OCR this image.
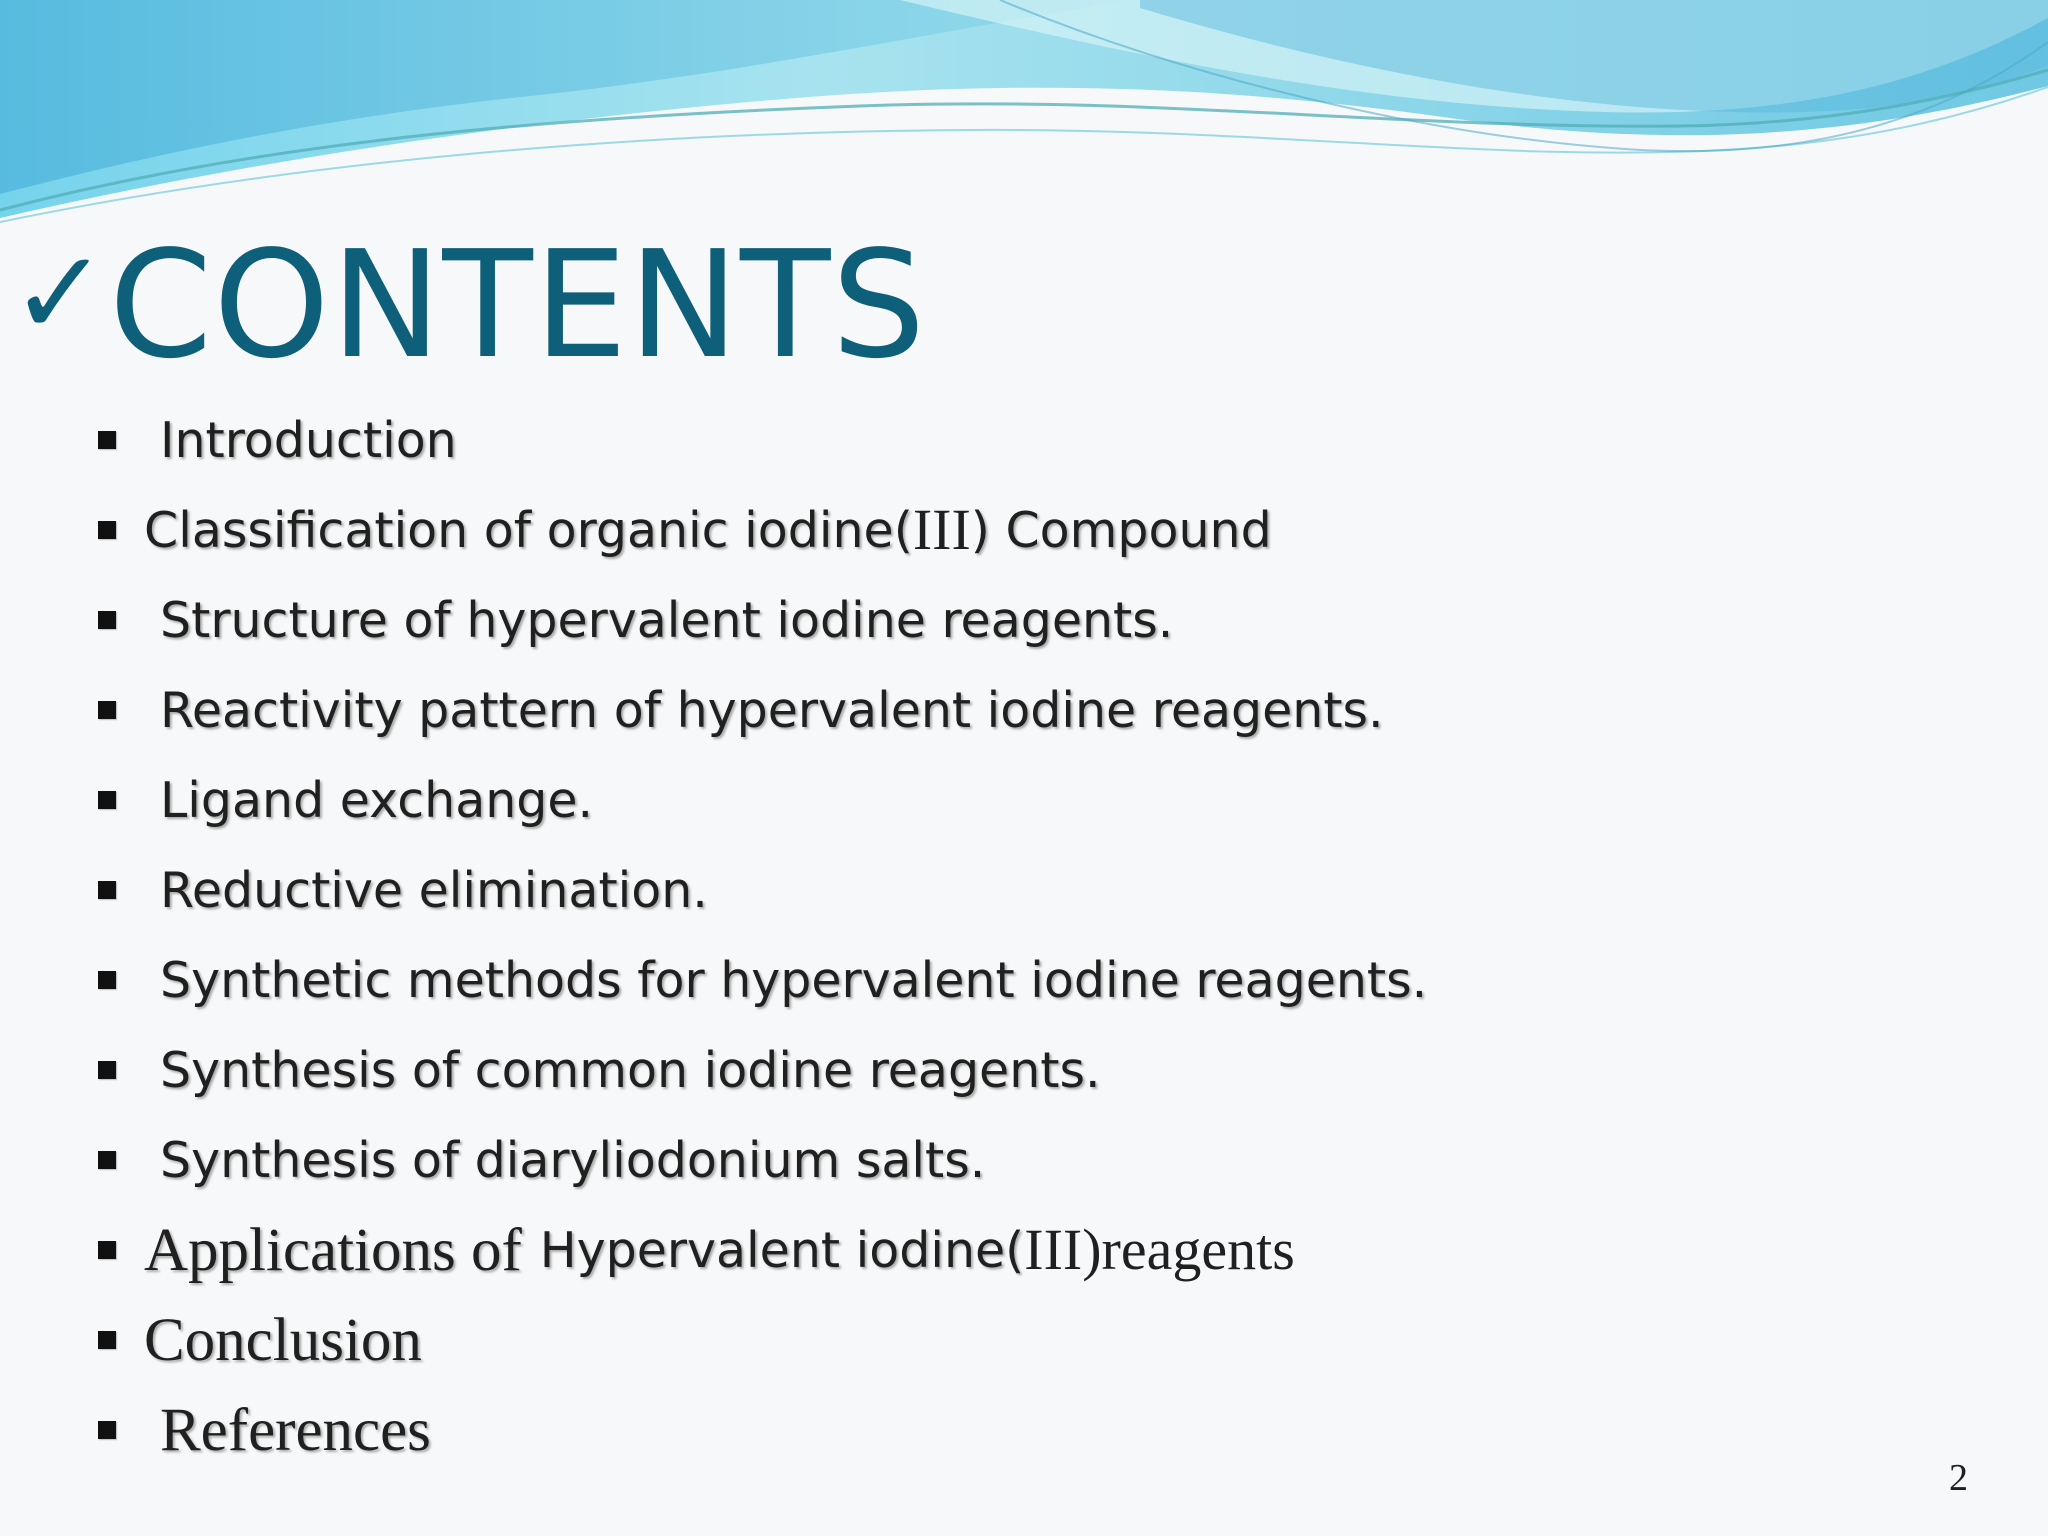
✓ CONTENTS
Introduction
Classification of organic iodine( III ) Compound
Structure of hypervalent iodine reagents.
Reactivity pattern of hypervalent iodine reagents.
Ligand exchange.
Reductive elimination.
Synthetic methods for hypervalent iodine reagents.
Synthesis of common iodine reagents.
Synthesis of diaryliodonium salts.
Applications of Hypervalent iodine( III)reagents
Conclusion
References
2
